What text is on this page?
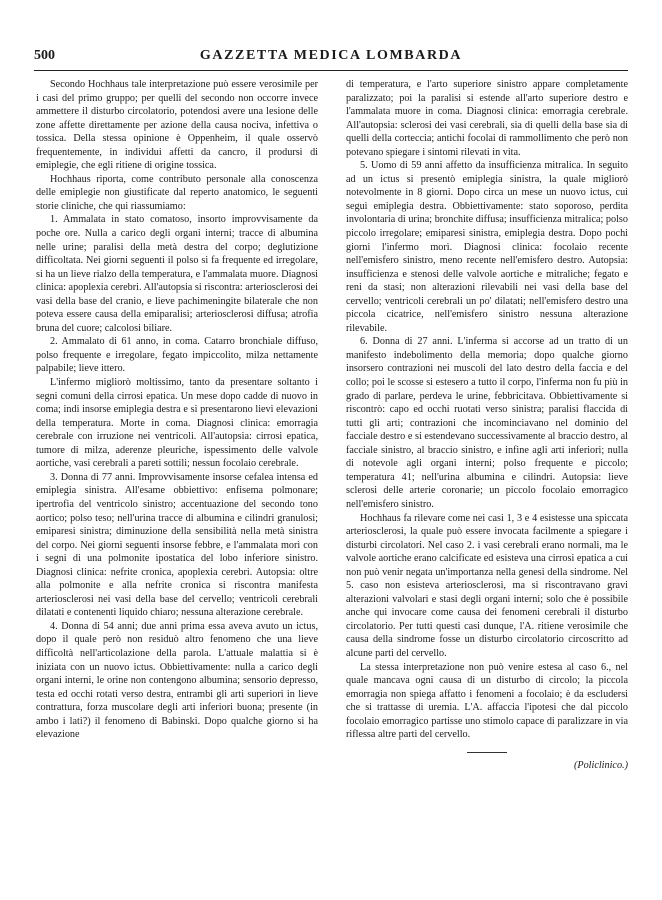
500	GAZZETTA MEDICA LOMBARDA

Secondo Hochhaus tale interpretazione può essere verosimile per i casi del primo gruppo; per quelli del secondo non occorre invece ammettere il disturbo circolatorio, potendosi avere una lesione delle zone affette direttamente per azione della causa nociva, infettiva o tossica. Della stessa opinione è Oppenheim, il quale osservò frequentemente, in individui affetti da cancro, il prodursi di emiplegie, che egli ritiene di origine tossica.

Hochhaus riporta, come contributo personale alla conoscenza delle emiplegie non giustificate dal reperto anatomico, le seguenti storie cliniche, che qui riassumiamo:

1. Ammalata in stato comatoso, insorto improvvisamente da poche ore. Nulla a carico degli organi interni; tracce di albumina nelle urine; paralisi della metà destra del corpo; deglutizione difficoltata. Nei giorni seguenti il polso si fa frequente ed irregolare, si ha un lieve rialzo della temperatura, e l'ammalata muore. Diagnosi clinica: apoplexia cerebri. All'autopsia si riscontra: arteriosclerosi dei vasi della base del cranio, e lieve pachimeningite bilaterale che non poteva essere causa della emiparalisi; arteriosclerosi diffusa; atrofia bruna del cuore; calcolosi biliare.

2. Ammalato di 61 anno, in coma. Catarro bronchiale diffuso, polso frequente e irregolare, fegato impiccolito, milza nettamente palpabile; lieve ittero.

L'infermo migliorò moltissimo, tanto da presentare soltanto i segni comuni della cirrosi epatica. Un mese dopo cadde di nuovo in coma; indi insorse emiplegia destra e si presentarono lievi elevazioni della temperatura. Morte in coma. Diagnosi clinica: emorragia cerebrale con irruzione nei ventricoli. All'autopsia: cirrosi epatica, tumore di milza, aderenze pleuriche, ispessimento delle valvole aortiche, vasi cerebrali a pareti sottili; nessun focolaio cerebrale.

3. Donna di 77 anni. Improvvisamente insorse cefalea intensa ed emiplegia sinistra. All'esame obbiettivo: enfisema polmonare; ipertrofia del ventricolo sinistro; accentuazione del secondo tono aortico; polso teso; nell'urina tracce di albumina e cilindri granulosi; emiparesi sinistra; diminuzione della sensibilità nella metà sinistra del corpo. Nei giorni seguenti insorse febbre, e l'ammalata morì con i segni di una polmonite ipostatica del lobo inferiore sinistro. Diagnosi clinica: nefrite cronica, apoplexia cerebri. Autopsia: oltre alla polmonite e alla nefrite cronica si riscontra manifesta arteriosclerosi nei vasi della base del cervello; ventricoli cerebrali dilatati e contenenti liquido chiaro; nessuna alterazione cerebrale.

4. Donna di 54 anni; due anni prima essa aveva avuto un ictus, dopo il quale però non residuò altro fenomeno che una lieve difficoltà nell'articolazione della parola. L'attuale malattia si è iniziata con un nuovo ictus. Obbiettivamente: nulla a carico degli organi interni, le orine non contengono albumina; sensorio depresso, testa ed occhi rotati verso destra, entrambi gli arti superiori in lieve contrattura, forza muscolare degli arti inferiori buona; presente (in ambo i lati?) il fenomeno di Babinski. Dopo qualche giorno si ha elevazione

di temperatura, e l'arto superiore sinistro appare completamente paralizzato; poi la paralisi si estende all'arto superiore destro e l'ammalata muore in coma. Diagnosi clinica: emorragia cerebrale. All'autopsia: sclerosi dei vasi cerebrali, sia di quelli della base sia di quelli della corteccia; antichi focolai di rammollimento che però non potevano spiegare i sintomi rilevati in vita.

5. Uomo di 59 anni affetto da insufficienza mitralica. In seguito ad un ictus si presentò emiplegia sinistra, la quale migliorò notevolmente in 8 giorni. Dopo circa un mese un nuovo ictus, cui seguì emiplegia destra. Obbiettivamente: stato soporoso, perdita involontaria di urina; bronchite diffusa; insufficienza mitralica; polso piccolo irregolare; emiparesi sinistra, emiplegia destra. Dopo pochi giorni l'infermo morì. Diagnosi clinica: focolaio recente nell'emisfero sinistro, meno recente nell'emisfero destro. Autopsia: insufficienza e stenosi delle valvole aortiche e mitraliche; fegato e reni da stasi; non alterazioni rilevabili nei vasi della base del cervello; ventricoli cerebrali un po' dilatati; nell'emisfero destro una piccola cicatrice, nell'emisfero sinistro nessuna alterazione rilevabile.

6. Donna di 27 anni. L'inferma si accorse ad un tratto di un manifesto indebolimento della memoria; dopo qualche giorno insorsero contrazioni nei muscoli del lato destro della faccia e del collo; poi le scosse si estesero a tutto il corpo, l'inferma non fu più in grado di parlare, perdeva le urine, febbricitava. Obbiettivamente si riscontrò: capo ed occhi ruotati verso sinistra; paralisi flaccida di tutti gli arti; contrazioni che incominciavano nel dominio del facciale destro e si estendevano successivamente al braccio destro, al facciale sinistro, al braccio sinistro, e infine agli arti inferiori; nulla di notevole agli organi interni; polso frequente e piccolo; temperatura 41; nell'urina albumina e cilindri. Autopsia: lieve sclerosi delle arterie coronarie; un piccolo focolaio emorragico nell'emisfero sinistro.

Hochhaus fa rilevare come nei casi 1, 3 e 4 esistesse una spiccata arteriosclerosi, la quale può essere invocata facilmente a spiegare i disturbi circolatori. Nel caso 2. i vasi cerebrali erano normali, ma le valvole aortiche erano calcificate ed esisteva una cirrosi epatica a cui non può venir negata un'importanza nella genesi della sindrome. Nel 5. caso non esisteva arteriosclerosi, ma si riscontravano gravi alterazioni valvolari e stasi degli organi interni; solo che è possibile anche qui invocare come causa dei fenomeni cerebrali il disturbo circolatorio. Per tutti questi casi dunque, l'A. ritiene verosimile che causa della sindrome fosse un disturbo circolatorio circoscritto ad alcune parti del cervello.

La stessa interpretazione non può venire estesa al caso 6., nel quale mancava ogni causa di un disturbo di circolo; la piccola emorragia non spiega affatto i fenomeni a focolaio; è da escludersi che si trattasse di uremia. L'A. affaccia l'ipotesi che dal piccolo focolaio emorragico partisse uno stimolo capace di paralizzare in via riflessa altre parti del cervello.

(Policlinico.)
